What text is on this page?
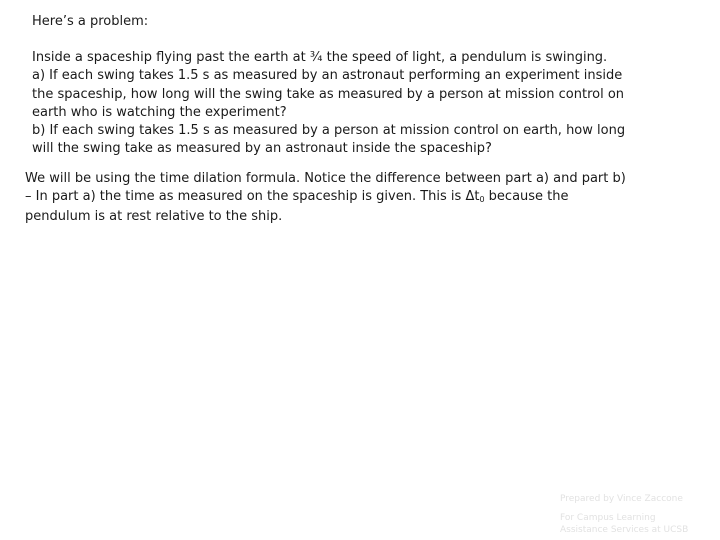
Here’s a problem:

Inside a spaceship flying past the earth at ¾ the speed of light, a pendulum is swinging.

a) If each swing takes 1.5 s as measured by an astronaut performing an experiment inside

the spaceship, how long will the swing take as measured by a person at mission control on

earth who is watching the experiment?

b) If each swing takes 1.5 s as measured by a person at mission control on earth, how long

will the swing take as measured by an astronaut inside the spaceship?

We will be using the time dilation formula. Notice the difference between part a) and part b)

– In part a) the time as measured on the spaceship is given. This is $\Delta t_0$ because the

pendulum is at rest relative to the ship.

Prepared by Vince Zaccone

For Campus Learning

Assistance Services at UCSB
